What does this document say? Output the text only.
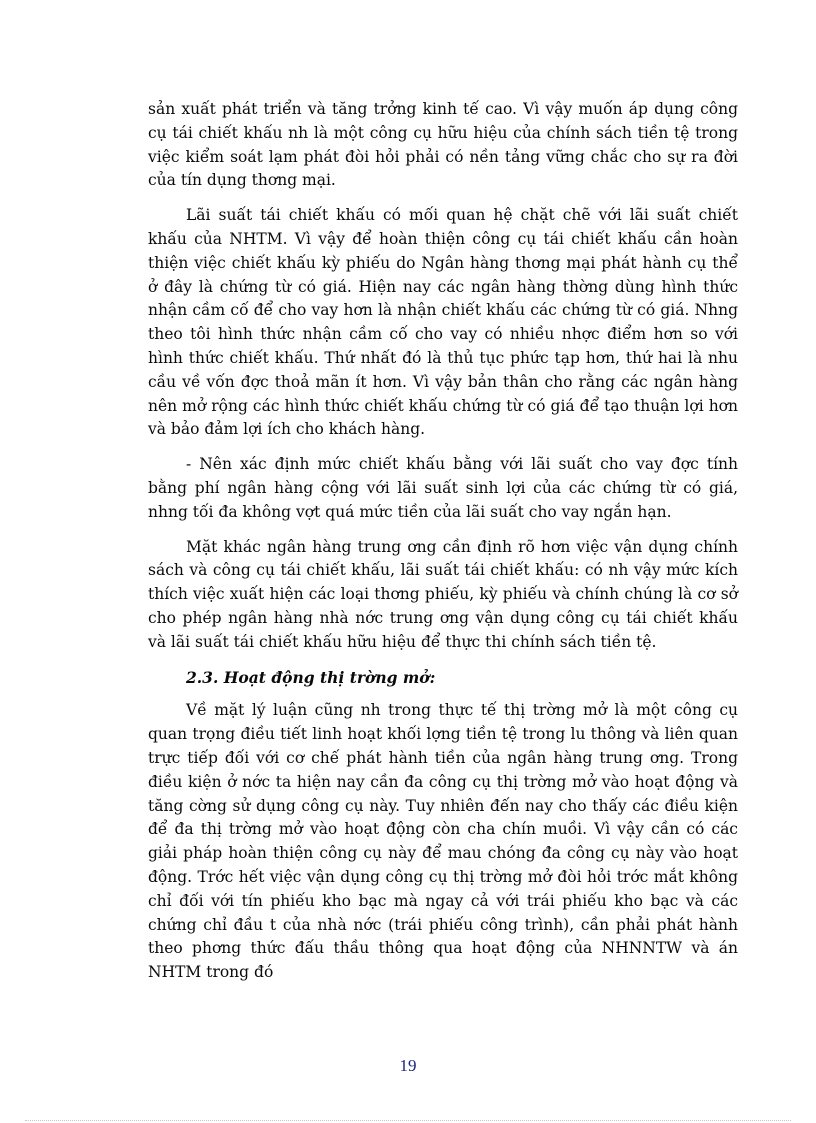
sản xuất phát triển và tăng trởng kinh tế cao. Vì vậy muốn áp dụng công cụ tái chiết khấu nh là một công cụ hữu hiệu của chính sách tiền tệ trong việc kiểm soát lạm phát đòi hỏi phải có nền tảng vững chắc cho sự ra đời của tín dụng thơng mại.

Lãi suất tái chiết khấu có mối quan hệ chặt chẽ với lãi suất chiết khấu của NHTM. Vì vậy để hoàn thiện công cụ tái chiết khấu cần hoàn thiện việc chiết khấu kỳ phiếu do Ngân hàng thơng mại phát hành cụ thể ở đây là chứng từ có giá. Hiện nay các ngân hàng thờng dùng hình thức nhận cầm cố để cho vay hơn là nhận chiết khấu các chứng từ có giá. Nhng theo tôi hình thức nhận cầm cố cho vay có nhiều nhợc điểm hơn so với hình thức chiết khấu. Thứ nhất đó là thủ tục phức tạp hơn, thứ hai là nhu cầu về vốn đợc thoả mãn ít hơn. Vì vậy bản thân cho rằng các ngân hàng nên mở rộng các hình thức chiết khấu chứng từ có giá để tạo thuận lợi hơn và bảo đảm lợi ích cho khách hàng.

- Nên xác định mức chiết khấu bằng với lãi suất cho vay đợc tính bằng phí ngân hàng cộng với lãi suất sinh lợi của các chứng từ có giá, nhng tối đa không vợt quá mức tiền của lãi suất cho vay ngắn hạn.

Mặt khác ngân hàng trung ơng cần định rõ hơn việc vận dụng chính sách và công cụ tái chiết khấu, lãi suất tái chiết khấu: có nh vậy mức kích thích việc xuất hiện các loại thơng phiếu, kỳ phiếu và chính chúng là cơ sở cho phép ngân hàng nhà nớc trung ơng vận dụng công cụ tái chiết khấu và lãi suất tái chiết khấu hữu hiệu để thực thi chính sách tiền tệ.

2.3. Hoạt động thị trờng mở:

Về mặt lý luận cũng nh trong thực tế thị trờng mở là một công cụ quan trọng điều tiết linh hoạt khối lợng tiền tệ trong lu thông và liên quan trực tiếp đối với cơ chế phát hành tiền của ngân hàng trung ơng. Trong điều kiện ở nớc ta hiện nay cần đa công cụ thị trờng mở vào hoạt động và tăng cờng sử dụng công cụ này. Tuy nhiên đến nay cho thấy các điều kiện để đa thị trờng mở vào hoạt động còn cha chín muồi. Vì vậy cần có các giải pháp hoàn thiện công cụ này để mau chóng đa công cụ này vào hoạt động. Trớc hết việc vận dụng công cụ thị trờng mở đòi hỏi trớc mắt không chỉ đối với tín phiếu kho bạc mà ngay cả với trái phiếu kho bạc và các chứng chỉ đầu t của nhà nớc (trái phiếu công trình), cần phải phát hành theo phơng thức đấu thầu thông qua hoạt động của NHNNTW và án NHTM trong đó

19
